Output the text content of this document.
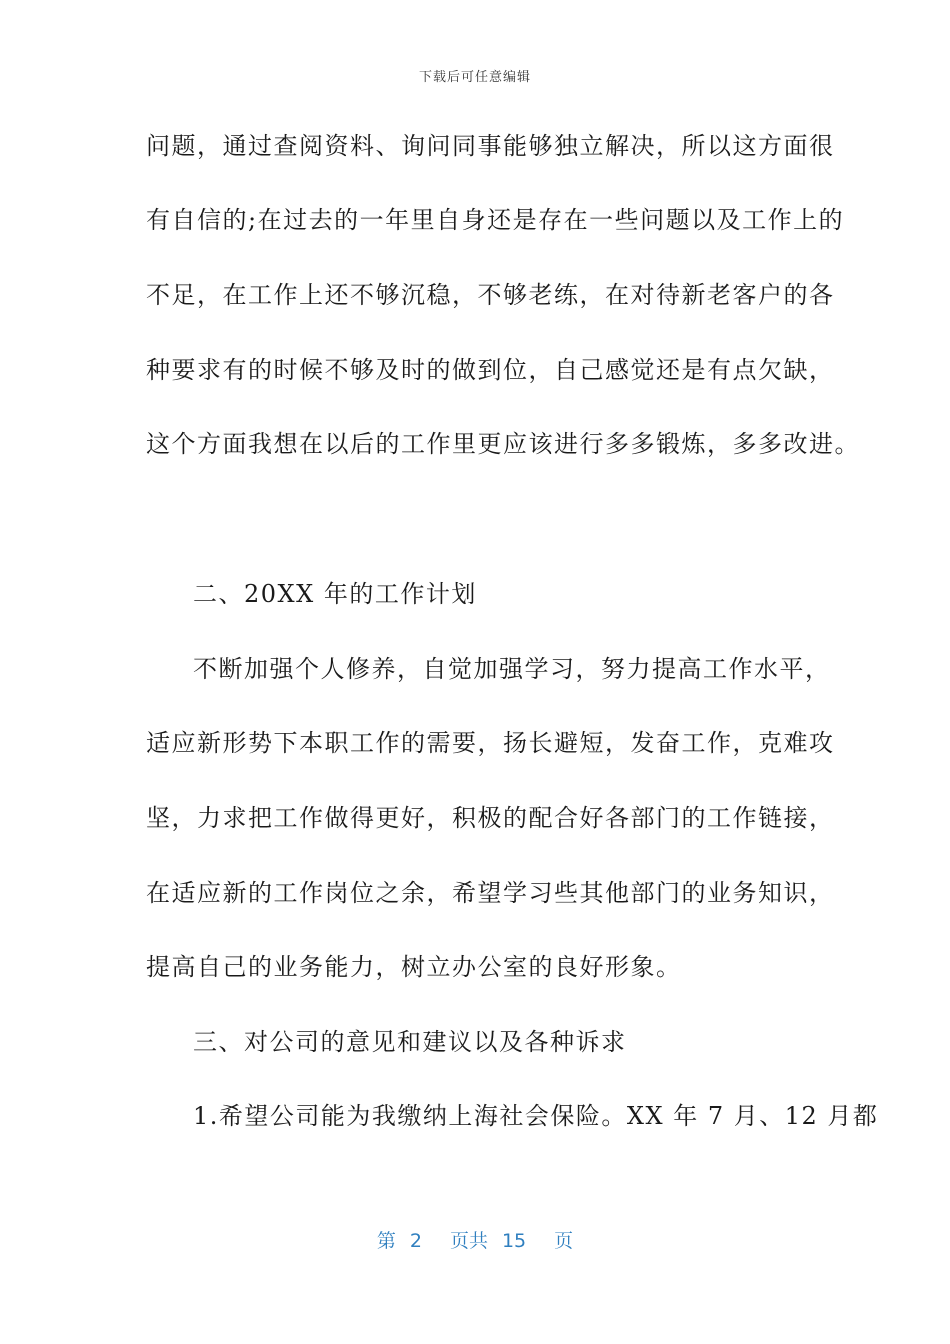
下载后可任意编辑
问题，通过查阅资料、询问同事能够独立解决，所以这方面很
有自信的;在过去的一年里自身还是存在一些问题以及工作上的
不足，在工作上还不够沉稳，不够老练，在对待新老客户的各
种要求有的时候不够及时的做到位，自己感觉还是有点欠缺，
这个方面我想在以后的工作里更应该进行多多锻炼，多多改进。
二、20XX 年的工作计划
不断加强个人修养，自觉加强学习，努力提高工作水平，
适应新形势下本职工作的需要，扬长避短，发奋工作，克难攻
坚，力求把工作做得更好，积极的配合好各部门的工作链接，
在适应新的工作岗位之余，希望学习些其他部门的业务知识，
提高自己的业务能力，树立办公室的良好形象。
三、对公司的意见和建议以及各种诉求
1.希望公司能为我缴纳上海社会保险。XX 年 7 月、12 月都
第 2 页共 15 页
